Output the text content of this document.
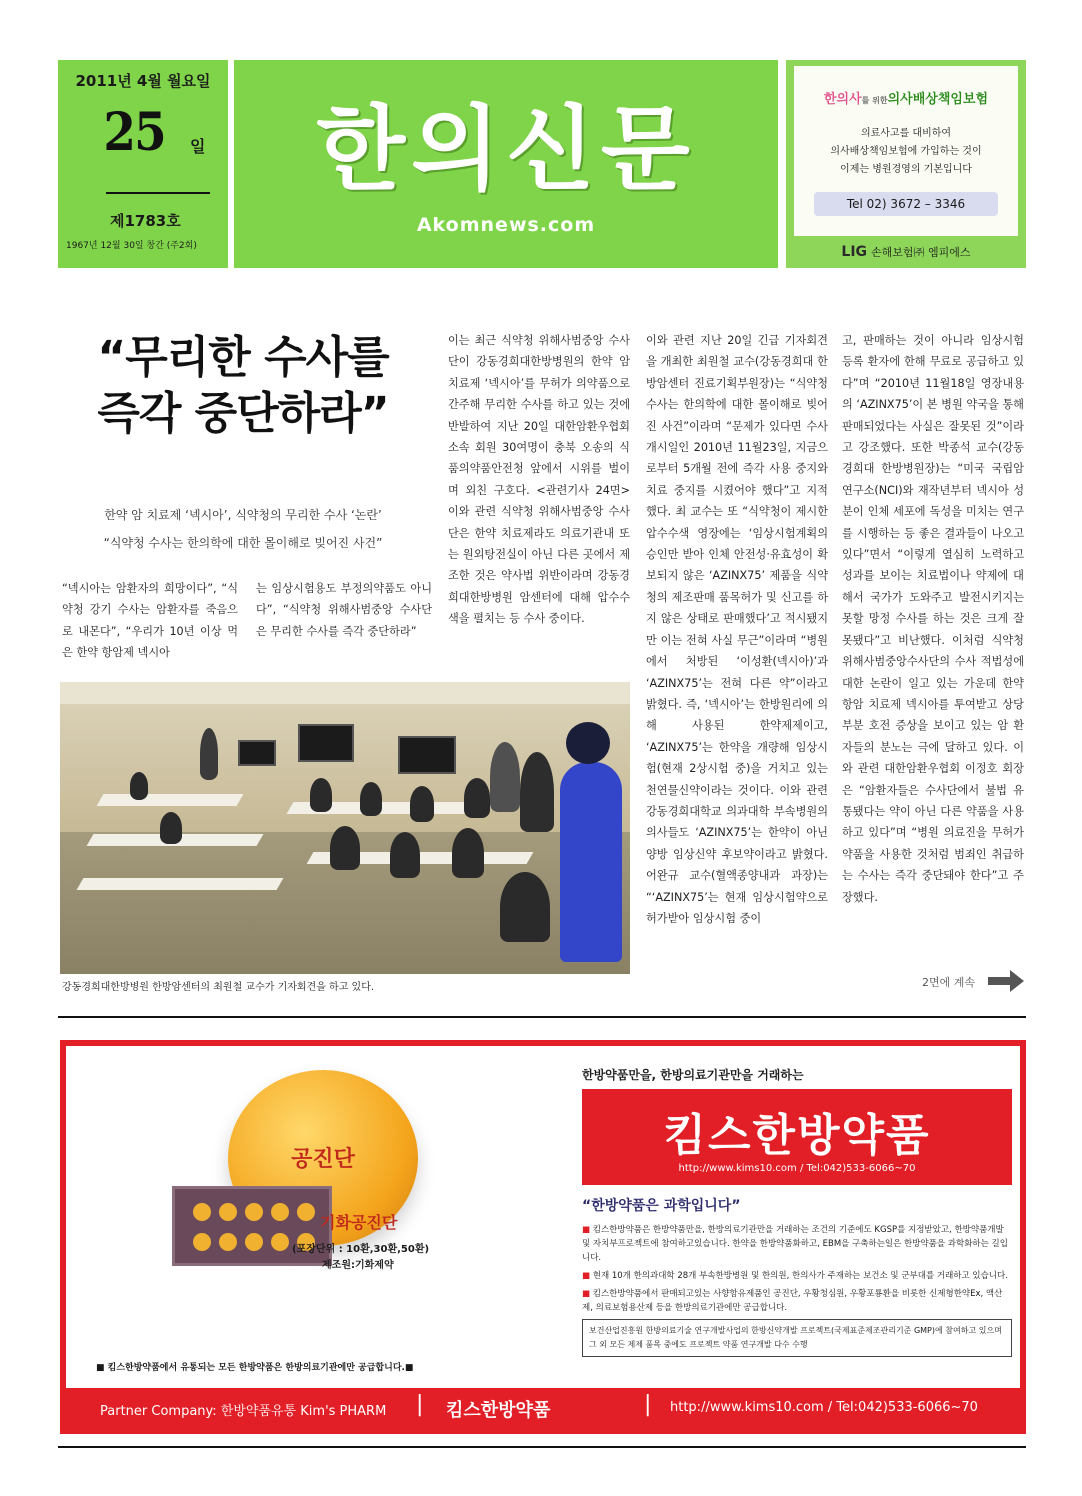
2011년 4월 월요일
25 일
제1783호
1967년 12월 30일 창간 (주2회)
한의신문
Akomnews.com
한의사를 위한의사배상책임보험
의료사고를 대비하여
의사배상책임보험에 가입하는 것이
이제는 병원경영의 기본입니다
Tel 02) 3672 – 3346
LIG 손해보험㈜ 엠피에스
“무리한 수사를
즉각 중단하라”
한약 암 치료제 ‘넥시아’, 식약청의 무리한 수사 ‘논란’
“식약청 수사는 한의학에 대한 몰이해로 빚어진 사건”
“넥시아는 암환자의 희망이다”, “식약청 강기 수사는 암환자를 죽음으로 내몬다”, “우리가 10년 이상 먹은 한약 항암제 넥시아
는 임상시험용도 부정의약품도 아니다”, “식약청 위해사범중앙 수사단은 무리한 수사를 즉각 중단하라”
이는 최근 식약청 위해사범중앙 수사단이 강동경희대한방병원의 한약 암 치료제 ‘넥시아’를 무허가 의약품으로 간주해 무리한 수사를 하고 있는 것에 반발하여 지난 20일 대한암환우협회 소속 회원 30여명이 충북 오송의 식품의약품안전청 앞에서 시위를 벌이며 외친 구호다. <관련기사 24면> 이와 관련 식약청 위해사범중앙 수사단은 한약 치료제라도 의료기관내 또는 원외탕전실이 아닌 다른 곳에서 제조한 것은 약사법 위반이라며 강동경희대한방병원 암센터에 대해 압수수색을 펼치는 등 수사 중이다.
이와 관련 지난 20일 긴급 기자회견을 개최한 최원철 교수(강동경희대 한방암센터 진료기획부원장)는 “식약청 수사는 한의학에 대한 몰이해로 빚어진 사건”이라며 “문제가 있다면 수사 개시일인 2010년 11월23일, 지금으로부터 5개월 전에 즉각 사용 중지와 치료 중지를 시켰어야 했다”고 지적했다. 최 교수는 또 “식약청이 제시한 압수수색 영장에는 ‘임상시험계획의 승인만 받아 인체 안전성·유효성이 확보되지 않은 ‘AZINX75’ 제품을 식약청의 제조판매 품목허가 및 신고를 하지 않은 상태로 판매했다’고 적시됐지만 이는 전혀 사실 무근”이라며 “병원에서 처방된 ‘이성환(넥시아)’과 ‘AZINX75’는 전혀 다른 약”이라고 밝혔다. 즉, ‘넥시아’는 한방원리에 의해 사용된 한약제제이고, ‘AZINX75’는 한약을 개량해 임상시험(현재 2상시험 중)을 거치고 있는 천연물신약이라는 것이다. 이와 관련 강동경희대학교 의과대학 부속병원의 의사들도 ‘AZINX75’는 한약이 아닌 양방 임상신약 후보약이라고 밝혔다. 어완규 교수(혈액종양내과 과장)는 “‘AZINX75’는 현재 임상시험약으로 허가받아 임상시험 중이
고, 판매하는 것이 아니라 임상시험 등록 환자에 한해 무료로 공급하고 있다”며 “2010년 11월18일 영장내용의 ‘AZINX75’이 본 병원 약국을 통해 판매되었다는 사실은 잘못된 것”이라고 강조했다. 또한 박종석 교수(강동경희대 한방병원장)는 “미국 국립암연구소(NCI)와 재작년부터 넥시아 성분이 인체 세포에 독성을 미치는 연구를 시행하는 등 좋은 결과들이 나오고 있다”면서 “이렇게 열심히 노력하고 성과를 보이는 치료법이나 약제에 대해서 국가가 도와주고 발전시키지는 못할 망정 수사를 하는 것은 크게 잘못됐다”고 비난했다. 이처럼 식약청 위해사범중앙수사단의 수사 적법성에 대한 논란이 일고 있는 가운데 한약 항암 치료제 넥시아를 투여받고 상당 부분 호전 증상을 보이고 있는 암 환자들의 분노는 극에 달하고 있다. 이와 관련 대한암환우협회 이정호 회장은 “암환자들은 수사단에서 불법 유통됐다는 약이 아닌 다른 약품을 사용하고 있다”며 “병원 의료진을 무허가 약품을 사용한 것처럼 범죄인 취급하는 수사는 즉각 중단돼야 한다”고 주장했다.
강동경희대한방병원 한방암센터의 최원철 교수가 기자회견을 하고 있다.	2면에 계속
공진단
기화공진단
(포장단위 : 10환,30환,50환)
제조원:기화제약
■ 킴스한방약품에서 유통되는 모든 한방약품은 한방의료기관에만 공급합니다.■
한방약품만을, 한방의료기관만을 거래하는
킴스한방약품
http://www.kims10.com / Tel:042)533-6066~70
“한방약품은 과학입니다”
■ 킴스한방약품은 한방약품만을, 한방의료기관만을 거래하는 조건의 기준에도 KGSP를 지정받았고, 한방약품개발 및 자치부프로젝트에 참여하고있습니다. 한약을 한방약품화하고, EBM을 구축하는일은 한방약품을 과학화하는 길입니다.
■ 현재 10개 한의과대학 28개 부속한방병원 및 한의원, 한의사가 주재하는 보건소 및 군부대를 거래하고 있습니다.
■ 킴스한방약품에서 판매되고있는 사향함유제품인 공진단, 우황청심원, 우황포룡환을 비롯한 신제형한약Ex, 액산제, 의료보험용산제 등을 한방의료기관에만 공급합니다.
보건산업진흥원 한방의료기술 연구개발사업의 한방신약개발 프로젝트(국제표준제조관리기준 GMP)에 참여하고 있으며 그 외 모든 제제 품목 중에도 프로젝트 약품 연구개발 다수 수행
Partner Company: 한방약품유통 Kim's PHARM | 킴스한방약품	| http://www.kims10.com / Tel:042)533-6066~70
